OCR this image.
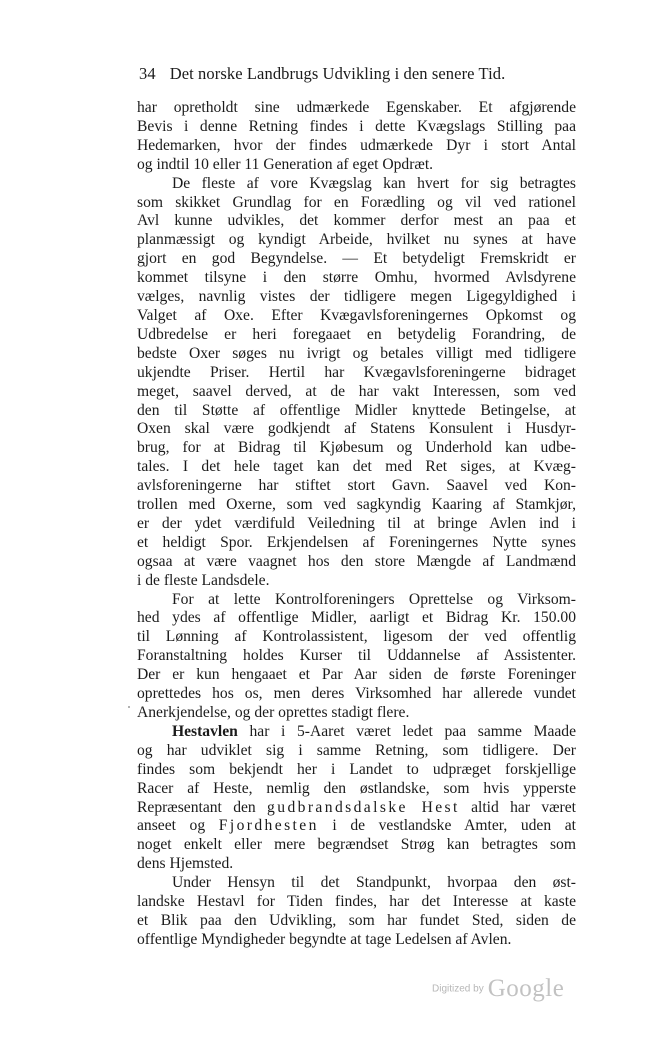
34 Det norske Landbrugs Udvikling i den senere Tid.

har opretholdt sine udmærkede Egenskaber. Et afgjørende
Bevis i denne Retning findes i dette Kvægslags Stilling paa
Hedemarken, hvor der findes udmærkede Dyr i stort Antal
og indtil 10 eller 11 Generation af eget Opdræt.

De fleste af vore Kvægslag kan hvert for sig betragtes
som skikket Grundlag for en Forædling og vil ved rationel
Avl kunne udvikles, det kommer derfor mest an paa et
planmæssigt og kyndigt Arbeide, hvilket nu synes at have
gjort en god Begyndelse. — Et betydeligt Fremskridt er
kommet tilsyne i den større Omhu, hvormed Avlsdyrene
vælges, navnlig vistes der tidligere megen Ligegyldighed i
Valget af Oxe. Efter Kvægavlsforeningernes Opkomst og
Udbredelse er heri foregaaet en betydelig Forandring, de
bedste Oxer søges nu ivrigt og betales villigt med tidligere
ukjendte Priser. Hertil har Kvægavlsforeningerne bidraget
meget, saavel derved, at de har vakt Interessen, som ved
den til Støtte af offentlige Midler knyttede Betingelse, at
Oxen skal være godkjendt af Statens Konsulent i Husdyr-
brug, for at Bidrag til Kjøbesum og Underhold kan udbe-
tales. I det hele taget kan det med Ret siges, at Kvæg-
avlsforeningerne har stiftet stort Gavn. Saavel ved Kon-
trollen med Oxerne, som ved sagkyndig Kaaring af Stamkjør,
er der ydet værdifuld Veiledning til at bringe Avlen ind i
et heldigt Spor. Erkjendelsen af Foreningernes Nytte synes
ogsaa at være vaagnet hos den store Mængde af Landmænd
i de fleste Landsdele.

For at lette Kontrolforeningers Oprettelse og Virksom-
hed ydes af offentlige Midler, aarligt et Bidrag Kr. 150.00
til Lønning af Kontrolassistent, ligesom der ved offentlig
Foranstaltning holdes Kurser til Uddannelse af Assistenter.
Der er kun hengaaet et Par Aar siden de første Foreninger
oprettedes hos os, men deres Virksomhed har allerede vundet
Anerkjendelse, og der oprettes stadigt flere.

Hestavlen har i 5-Aaret været ledet paa samme Maade
og har udviklet sig i samme Retning, som tidligere. Der
findes som bekjendt her i Landet to udpræget forskjellige
Racer af Heste, nemlig den østlandske, som hvis ypperste
Repræsentant den gudbrandsdalske Hest altid har været
anseet og Fjordhesten i de vestlandske Amter, uden at
noget enkelt eller mere begrændset Strøg kan betragtes som
dens Hjemsted.

Under Hensyn til det Standpunkt, hvorpaa den øst-
landske Hestavl for Tiden findes, har det Interesse at kaste
et Blik paa den Udvikling, som har fundet Sted, siden de
offentlige Myndigheder begyndte at tage Ledelsen af Avlen.

Digitized by Google
